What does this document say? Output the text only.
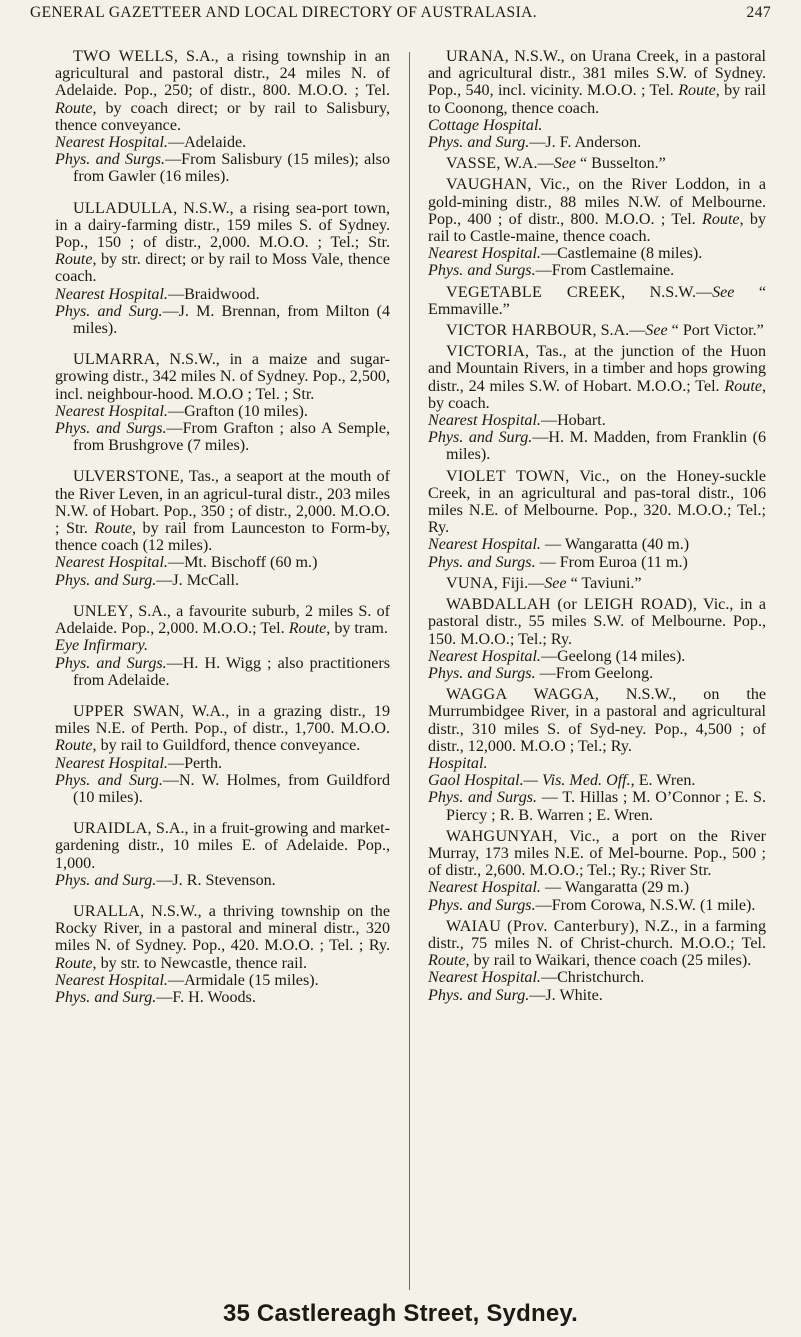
GENERAL GAZETTEER AND LOCAL DIRECTORY OF AUSTRALASIA.	247

TWO WELLS, S.A., a rising township in an agricultural and pastoral distr., 24 miles N. of Adelaide. Pop., 250; of distr., 800. M.O.O. ; Tel. Route, by coach direct; or by rail to Salisbury, thence conveyance.

Nearest Hospital.—Adelaide.

Phys. and Surgs.—From Salisbury (15 miles); also from Gawler (16 miles).

ULLADULLA, N.S.W., a rising sea-port town, in a dairy-farming distr., 159 miles S. of Sydney. Pop., 150 ; of distr., 2,000. M.O.O. ; Tel.; Str. Route, by str. direct; or by rail to Moss Vale, thence coach.

Nearest Hospital.—Braidwood.

Phys. and Surg.—J. M. Brennan, from Milton (4 miles).

ULMARRA, N.S.W., in a maize and sugar-growing distr., 342 miles N. of Sydney. Pop., 2,500, incl. neighbour-hood. M.O.O ; Tel. ; Str.

Nearest Hospital.—Grafton (10 miles).

Phys. and Surgs.—From Grafton ; also A Semple, from Brushgrove (7 miles).

ULVERSTONE, Tas., a seaport at the mouth of the River Leven, in an agricul-tural distr., 203 miles N.W. of Hobart. Pop., 350 ; of distr., 2,000. M.O.O. ; Str. Route, by rail from Launceston to Form-by, thence coach (12 miles).

Nearest Hospital.—Mt. Bischoff (60 m.)

Phys. and Surg.—J. McCall.

UNLEY, S.A., a favourite suburb, 2 miles S. of Adelaide. Pop., 2,000. M.O.O.; Tel. Route, by tram.

Eye Infirmary.

Phys. and Surgs.—H. H. Wigg ; also practitioners from Adelaide.

UPPER SWAN, W.A., in a grazing distr., 19 miles N.E. of Perth. Pop., of distr., 1,700. M.O.O. Route, by rail to Guildford, thence conveyance.

Nearest Hospital.—Perth.

Phys. and Surg.—N. W. Holmes, from Guildford (10 miles).

URAIDLA, S.A., in a fruit-growing and market-gardening distr., 10 miles E. of Adelaide. Pop., 1,000.

Phys. and Surg.—J. R. Stevenson.

URALLA, N.S.W., a thriving township on the Rocky River, in a pastoral and mineral distr., 320 miles N. of Sydney. Pop., 420. M.O.O. ; Tel. ; Ry. Route, by str. to Newcastle, thence rail.

Nearest Hospital.—Armidale (15 miles).

Phys. and Surg.—F. H. Woods.

URANA, N.S.W., on Urana Creek, in a pastoral and agricultural distr., 381 miles S.W. of Sydney. Pop., 540, incl. vicinity. M.O.O. ; Tel. Route, by rail to Coonong, thence coach.

Cottage Hospital.

Phys. and Surg.—J. F. Anderson.

VASSE, W.A.—See “ Busselton.”

VAUGHAN, Vic., on the River Loddon, in a gold-mining distr., 88 miles N.W. of Melbourne. Pop., 400 ; of distr., 800. M.O.O. ; Tel. Route, by rail to Castle-maine, thence coach.

Nearest Hospital.—Castlemaine (8 miles).

Phys. and Surgs.—From Castlemaine.

VEGETABLE CREEK, N.S.W.—See “ Emmaville.”

VICTOR HARBOUR, S.A.—See “ Port Victor.”

VICTORIA, Tas., at the junction of the Huon and Mountain Rivers, in a timber and hops growing distr., 24 miles S.W. of Hobart. M.O.O.; Tel. Route, by coach.

Nearest Hospital.—Hobart.

Phys. and Surg.—H. M. Madden, from Franklin (6 miles).

VIOLET TOWN, Vic., on the Honey-suckle Creek, in an agricultural and pas-toral distr., 106 miles N.E. of Melbourne. Pop., 320. M.O.O.; Tel.; Ry.

Nearest Hospital. — Wangaratta (40 m.)

Phys. and Surgs. — From Euroa (11 m.)

VUNA, Fiji.—See “ Taviuni.”

WABDALLAH (or LEIGH ROAD), Vic., in a pastoral distr., 55 miles S.W. of Melbourne. Pop., 150. M.O.O.; Tel.; Ry.

Nearest Hospital.—Geelong (14 miles).

Phys. and Surgs. —From Geelong.

WAGGA WAGGA, N.S.W., on the Murrumbidgee River, in a pastoral and agricultural distr., 310 miles S. of Syd-ney. Pop., 4,500 ; of distr., 12,000. M.O.O ; Tel.; Ry.

Hospital.

Gaol Hospital.— Vis. Med. Off., E. Wren.

Phys. and Surgs. — T. Hillas ; M. O’Connor ; E. S. Piercy ; R. B. Warren ; E. Wren.

WAHGUNYAH, Vic., a port on the River Murray, 173 miles N.E. of Mel-bourne. Pop., 500 ; of distr., 2,600. M.O.O.; Tel.; Ry.; River Str.

Nearest Hospital. — Wangaratta (29 m.)

Phys. and Surgs.—From Corowa, N.S.W. (1 mile).

WAIAU (Prov. Canterbury), N.Z., in a farming distr., 75 miles N. of Christ-church. M.O.O.; Tel. Route, by rail to Waikari, thence coach (25 miles).

Nearest Hospital.—Christchurch.

Phys. and Surg.—J. White.

35 Castlereagh Street, Sydney.
